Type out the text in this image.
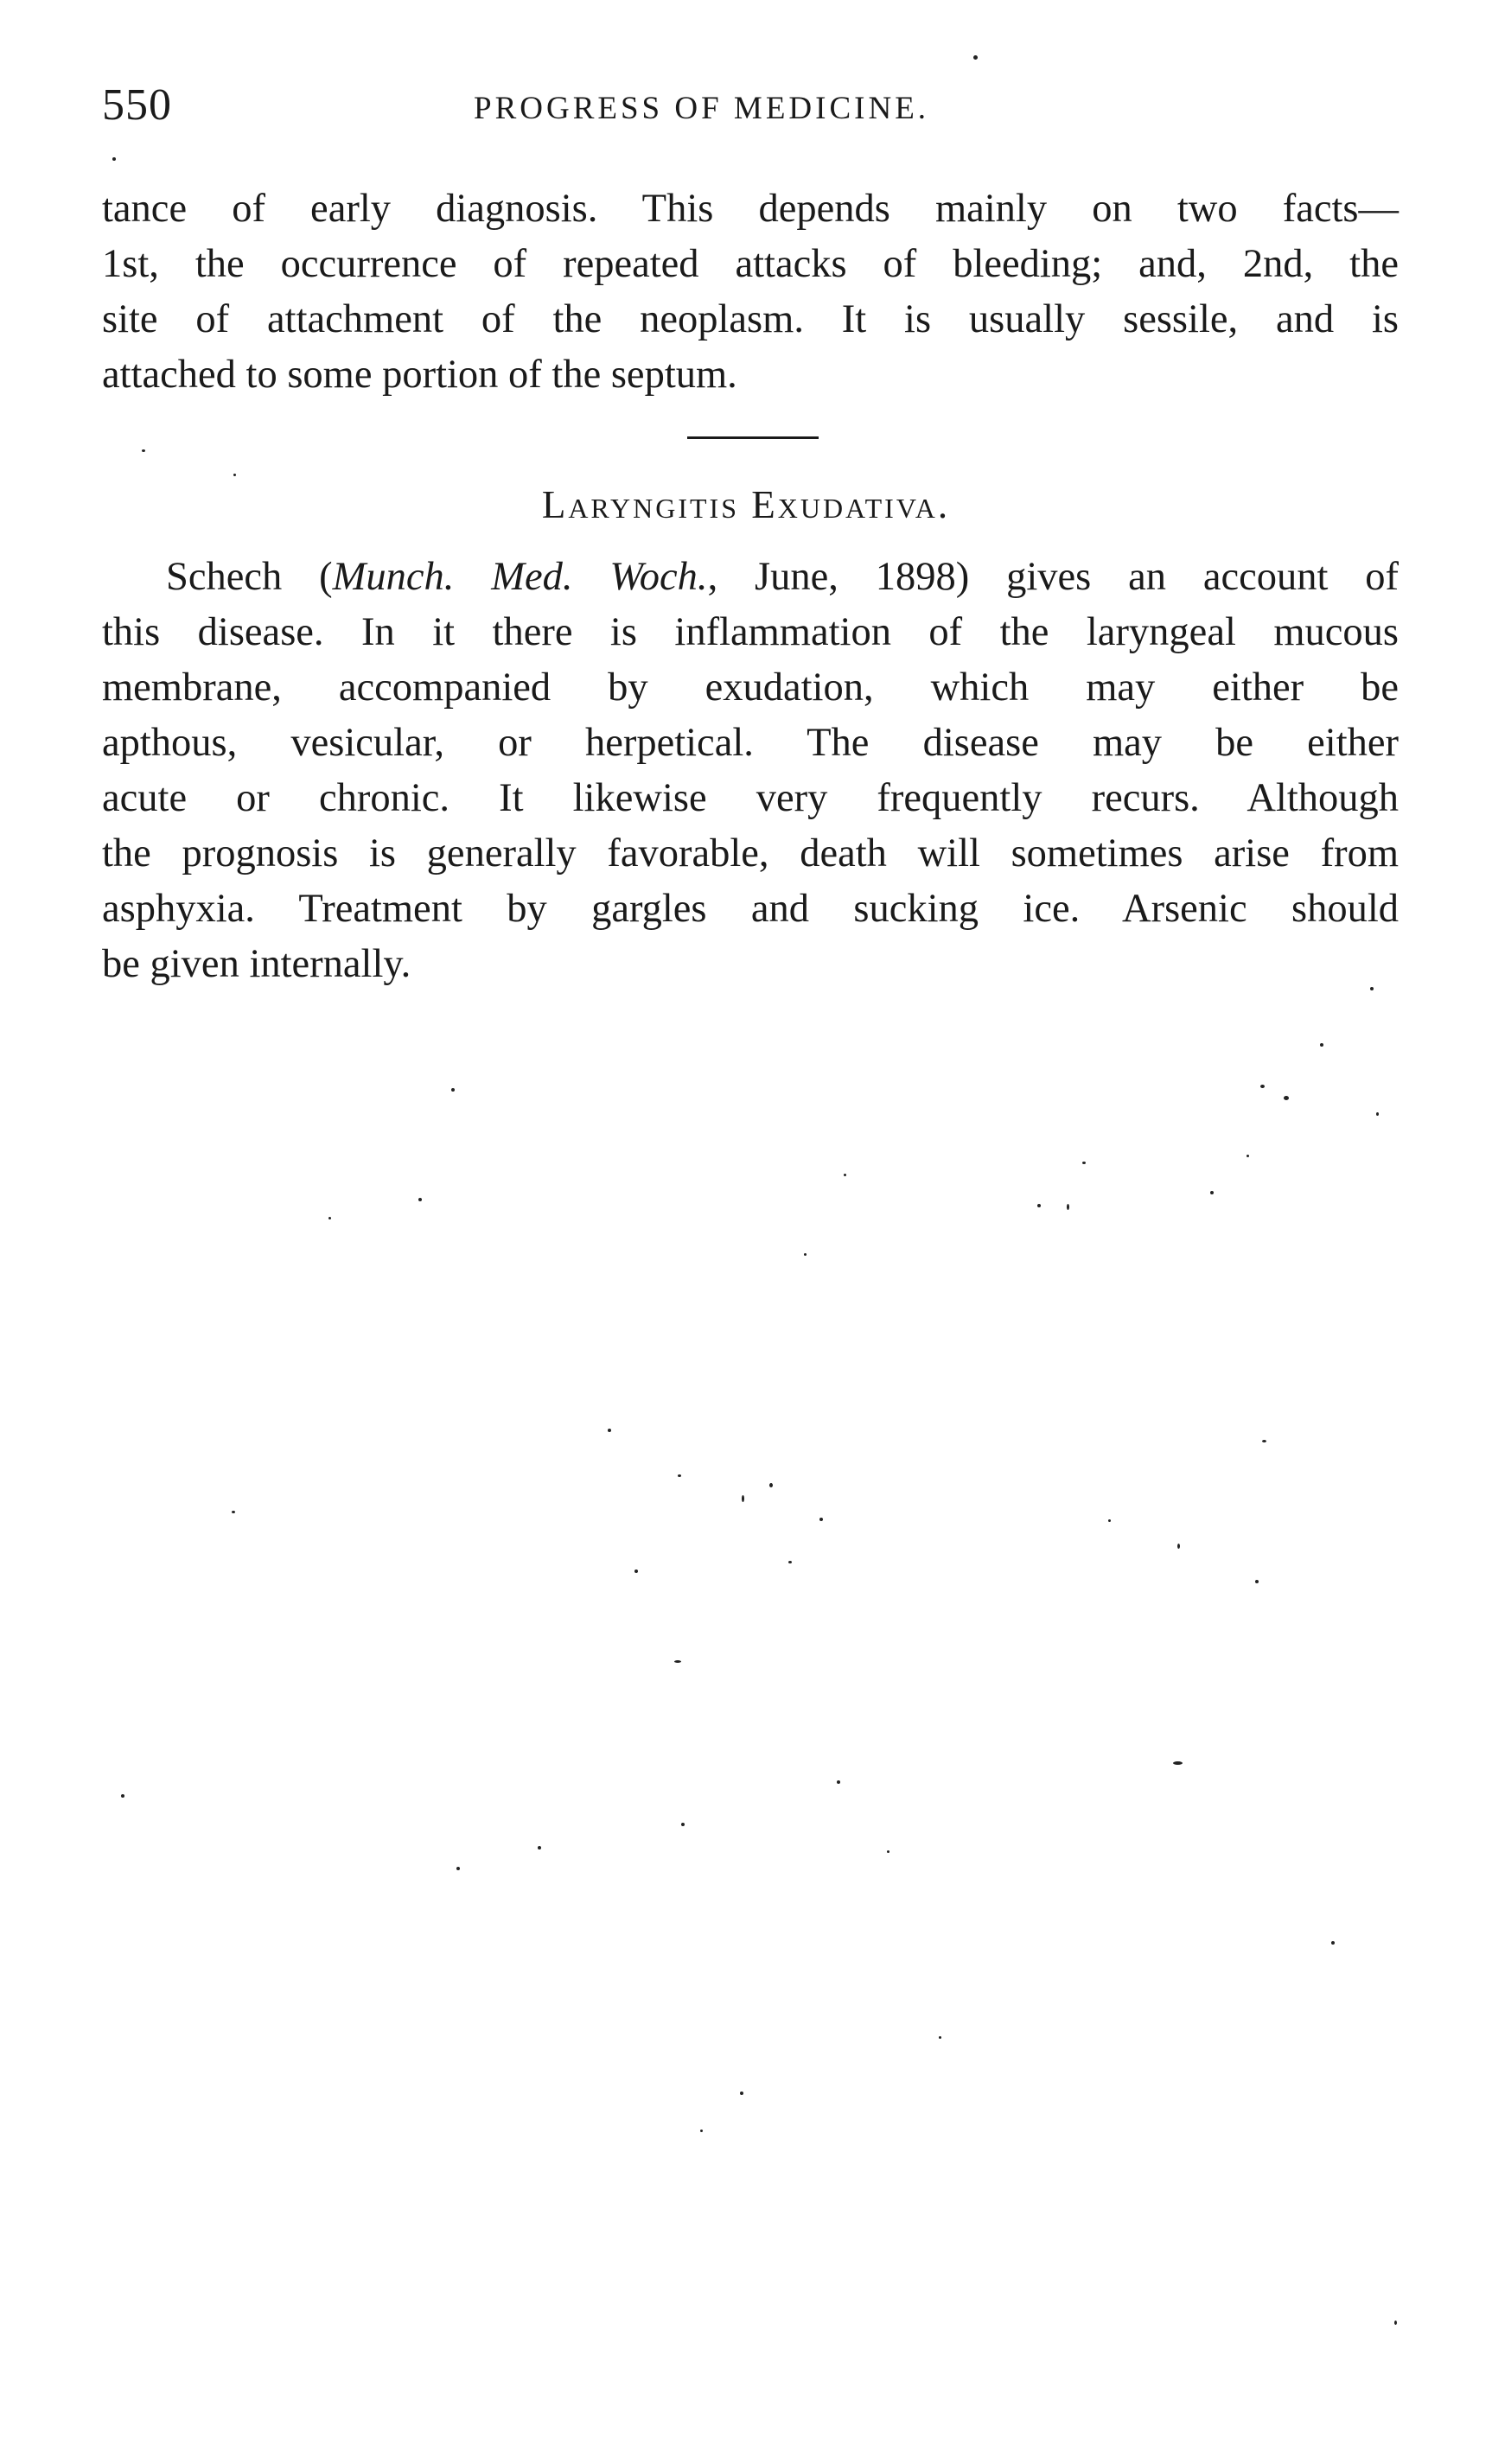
550	PROGRESS OF MEDICINE.

tance of early diagnosis. This depends mainly on two facts—
1st, the occurrence of repeated attacks of bleeding; and, 2nd, the
site of attachment of the neoplasm. It is usually sessile, and is
attached to some portion of the septum.

Laryngitis Exudativa.

Schech (Munch. Med. Woch., June, 1898) gives an account of
this disease. In it there is inflammation of the laryngeal mucous
membrane, accompanied by exudation, which may either be
apthous, vesicular, or herpetical. The disease may be either
acute or chronic. It likewise very frequently recurs. Although
the prognosis is generally favorable, death will sometimes arise from
asphyxia. Treatment by gargles and sucking ice. Arsenic should
be given internally.
